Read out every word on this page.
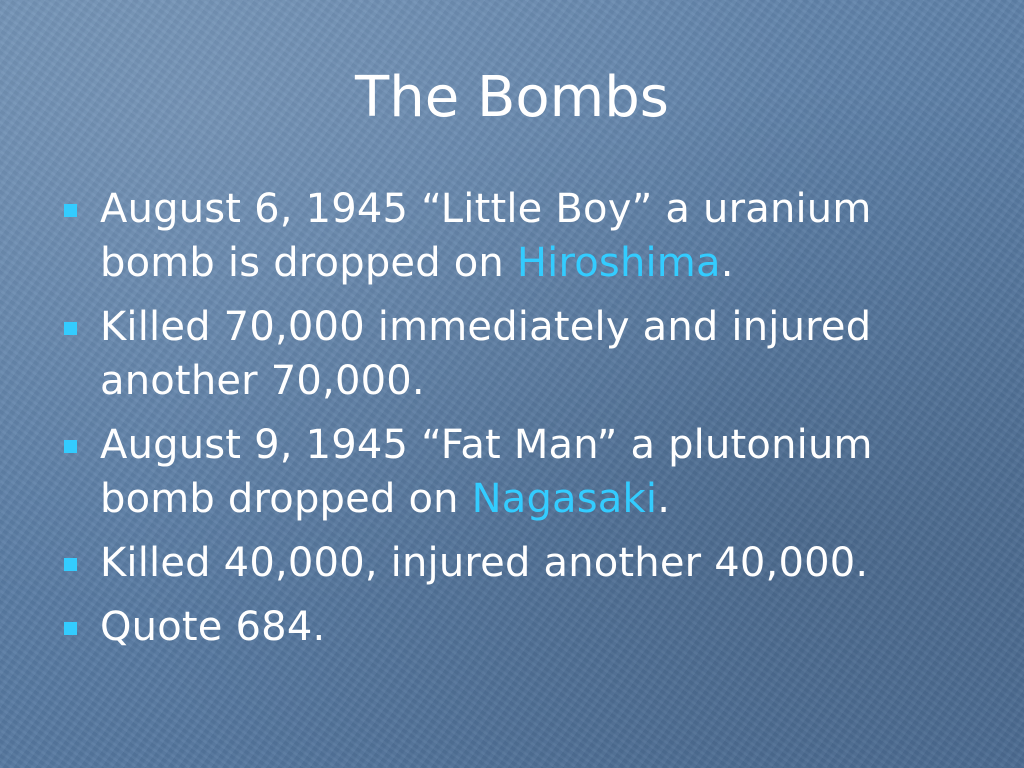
The Bombs
August 6, 1945 “Little Boy” a uranium bomb is dropped on Hiroshima.
Killed 70,000 immediately and injured another 70,000.
August 9, 1945 “Fat Man” a plutonium bomb dropped on Nagasaki.
Killed 40,000, injured another 40,000.
Quote 684.
